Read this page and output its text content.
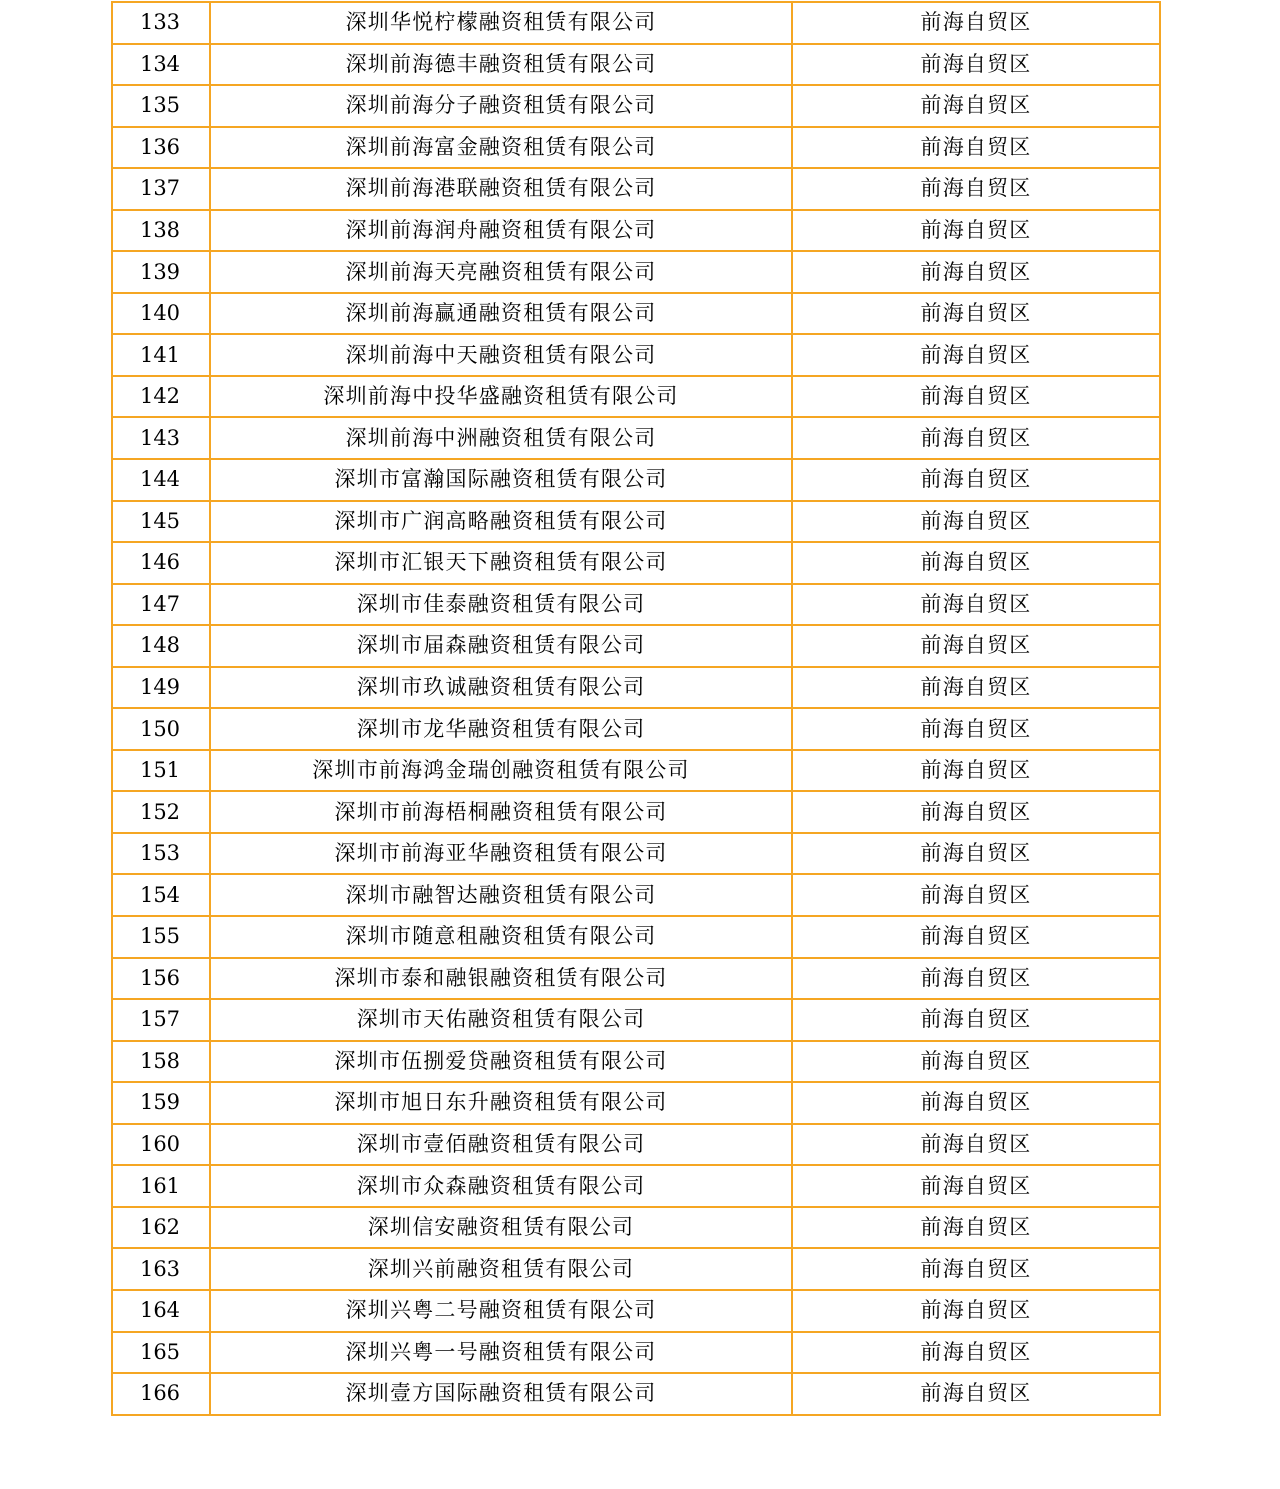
133	深圳华悦柠檬融资租赁有限公司	前海自贸区
134	深圳前海德丰融资租赁有限公司	前海自贸区
135	深圳前海分子融资租赁有限公司	前海自贸区
136	深圳前海富金融资租赁有限公司	前海自贸区
137	深圳前海港联融资租赁有限公司	前海自贸区
138	深圳前海润舟融资租赁有限公司	前海自贸区
139	深圳前海天亮融资租赁有限公司	前海自贸区
140	深圳前海赢通融资租赁有限公司	前海自贸区
141	深圳前海中天融资租赁有限公司	前海自贸区
142	深圳前海中投华盛融资租赁有限公司	前海自贸区
143	深圳前海中洲融资租赁有限公司	前海自贸区
144	深圳市富瀚国际融资租赁有限公司	前海自贸区
145	深圳市广润高略融资租赁有限公司	前海自贸区
146	深圳市汇银天下融资租赁有限公司	前海自贸区
147	深圳市佳泰融资租赁有限公司	前海自贸区
148	深圳市届森融资租赁有限公司	前海自贸区
149	深圳市玖诚融资租赁有限公司	前海自贸区
150	深圳市龙华融资租赁有限公司	前海自贸区
151	深圳市前海鸿金瑞创融资租赁有限公司	前海自贸区
152	深圳市前海梧桐融资租赁有限公司	前海自贸区
153	深圳市前海亚华融资租赁有限公司	前海自贸区
154	深圳市融智达融资租赁有限公司	前海自贸区
155	深圳市随意租融资租赁有限公司	前海自贸区
156	深圳市泰和融银融资租赁有限公司	前海自贸区
157	深圳市天佑融资租赁有限公司	前海自贸区
158	深圳市伍捌爱贷融资租赁有限公司	前海自贸区
159	深圳市旭日东升融资租赁有限公司	前海自贸区
160	深圳市壹佰融资租赁有限公司	前海自贸区
161	深圳市众森融资租赁有限公司	前海自贸区
162	深圳信安融资租赁有限公司	前海自贸区
163	深圳兴前融资租赁有限公司	前海自贸区
164	深圳兴粤二号融资租赁有限公司	前海自贸区
165	深圳兴粤一号融资租赁有限公司	前海自贸区
166	深圳壹方国际融资租赁有限公司	前海自贸区
